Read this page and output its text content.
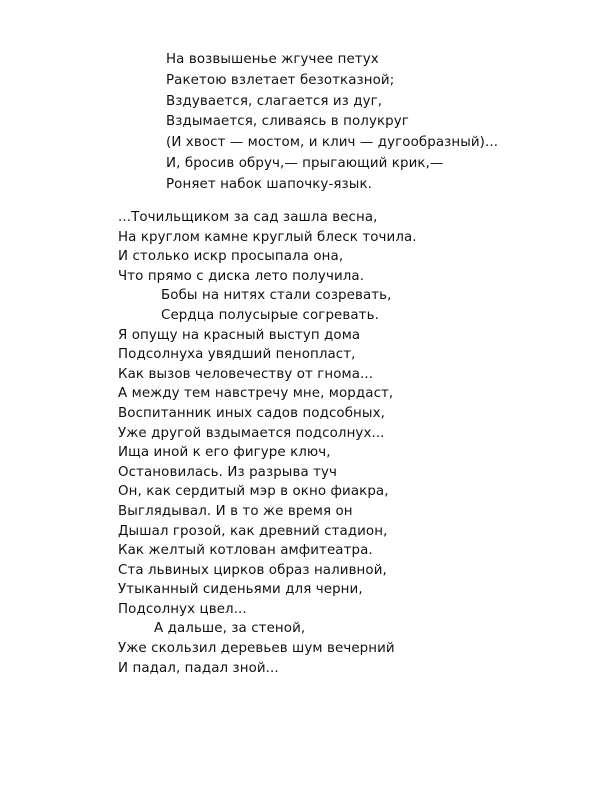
На возвышенье жгучее петух
Ракетою взлетает безотказной;
Вздувается, слагается из дуг,
Вздымается, сливаясь в полукруг
(И хвост — мостом, и клич — дугообразный)...
И, бросив обруч,— прыгающий крик,—
Роняет набок шапочку-язык.
...Точильщиком за сад зашла весна,
На круглом камне круглый блеск точила.
И столько искр просыпала она,
Что прямо с диска лето получила.
Бобы на нитях стали созревать,
Сердца полусырые согревать.
Я опущу на красный выступ дома
Подсолнуха увядший пенопласт,
Как вызов человечеству от гнома...
А между тем навстречу мне, мордаст,
Воспитанник иных садов подсобных,
Уже другой вздымается подсолнух...
Ища иной к его фигуре ключ,
Остановилась. Из разрыва туч
Он, как сердитый мэр в окно фиакра,
Выглядывал. И в то же время он
Дышал грозой, как древний стадион,
Как желтый котлован амфитеатра.
Ста львиных цирков образ наливной,
Утыканный сиденьями для черни,
Подсолнух цвел...
А дальше, за стеной,
Уже скользил деревьев шум вечерний
И падал, падал зной...
